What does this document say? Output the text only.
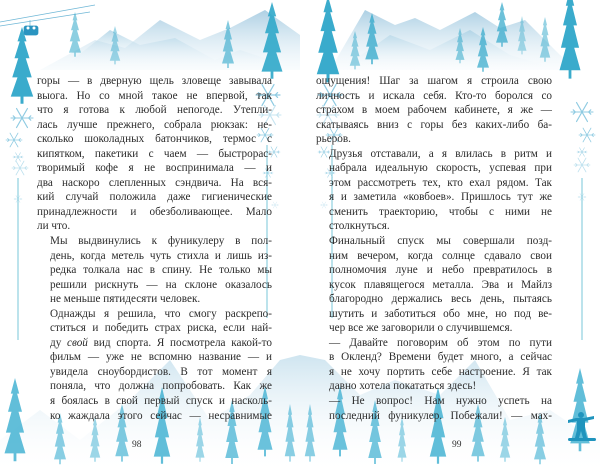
горы — в дверную щель зловеще завывала
выога. Но со мной такое не впервой, так
что я готова к любой непогоде. Утепли-
лась лучше прежнего, собрала рюкзак: не-
сколько шоколадных батончиков, термос с
кипятком, пакетики с чаем — быстрорас-
творимый кофе я не воспринимала — и
два наскоро слепленных сэндвича. На вся-
кий случай положила даже гигиенические
принадлежности и обезболивающее. Мало
ли что.

Мы выдвинулись к фуникулеру в пол-
день, когда метель чуть стихла и лишь из-
редка толкала нас в спину. Не только мы
решили рискнуть — на склоне оказалось
не меньше пятидесяти человек.

Однажды я решила, что смогу раскрепо-
ститься и победить страх риска, если най-
ду свой вид спорта. Я посмотрела какой-то
фильм — уже не вспомню название — и
увидела сноубордистов. В тот момент я
поняла, что должна попробовать. Как же
я боялась в свой первый спуск и насколь-
ко жаждала этого сейчас — несравнимые

98

ощущения! Шаг за шагом я строила свою
личность и искала себя. Кто-то боролся со
страхом в моем рабочем кабинете, я же —
скатываясь вниз с горы без каких-либо ба-
рьеров.

Друзья отставали, а я влилась в ритм и
набрала идеальную скорость, успевая при
этом рассмотреть тех, кто ехал рядом. Так
я и заметила «ковбоев». Пришлось тут же
сменить траекторию, чтобы с ними не
столкнуться.

Финальный спуск мы совершали позд-
ним вечером, когда солнце сдавало свои
полномочия луне и небо превратилось в
кусок плавящегося металла. Эва и Майлз
благородно держались весь день, пытаясь
шутить и заботиться обо мне, но под ве-
чер все же заговорили о случившемся.

— Давайте поговорим об этом по пути
в Окленд? Времени будет много, а сейчас
я не хочу портить себе настроение. Я так
давно хотела покататься здесь!

— Не вопрос! Нам нужно успеть на
последний фуникулер. Побежали! — мах-

99
